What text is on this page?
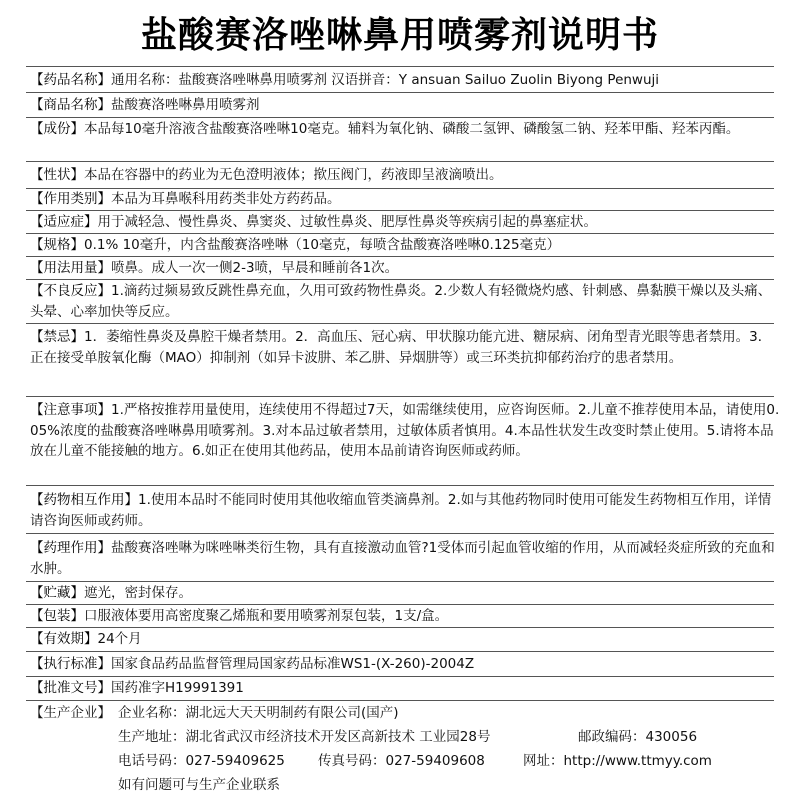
盐酸赛洛唑啉鼻用喷雾剂说明书
【药品名称】通用名称：盐酸赛洛唑啉鼻用喷雾剂 汉语拼音：Y ansuan Sailuo Zuolin Biyong Penwuji
【商品名称】盐酸赛洛唑啉鼻用喷雾剂
【成份】本品每10毫升溶液含盐酸赛洛唑啉10毫克。辅料为氧化钠、磷酸二氢钾、磷酸氢二钠、羟苯甲酯、羟苯丙酯。
【性状】本品在容器中的药业为无色澄明液体；揿压阀门，药液即呈液滴喷出。
【作用类别】本品为耳鼻喉科用药类非处方药药品。
【适应症】用于减轻急、慢性鼻炎、鼻窦炎、过敏性鼻炎、肥厚性鼻炎等疾病引起的鼻塞症状。
【规格】0.1% 10毫升，内含盐酸赛洛唑啉（10毫克，每喷含盐酸赛洛唑啉0.125毫克）
【用法用量】喷鼻。成人一次一侧2-3喷，早晨和睡前各1次。
【不良反应】1.滴药过频易致反跳性鼻充血，久用可致药物性鼻炎。2.少数人有轻微烧灼感、针刺感、鼻黏膜干燥以及头痛、头晕、心率加快等反应。
【禁忌】1．萎缩性鼻炎及鼻腔干燥者禁用。2．高血压、冠心病、甲状腺功能亢进、糖尿病、闭角型青光眼等患者禁用。3．正在接受单胺氧化酶（MAO）抑制剂（如异卡波肼、苯乙肼、异烟肼等）或三环类抗抑郁药治疗的患者禁用。
【注意事项】1.严格按推荐用量使用，连续使用不得超过7天，如需继续使用，应咨询医师。2.儿童不推荐使用本品，请使用0.05%浓度的盐酸赛洛唑啉鼻用喷雾剂。3.对本品过敏者禁用，过敏体质者慎用。4.本品性状发生改变时禁止使用。5.请将本品放在儿童不能接触的地方。6.如正在使用其他药品，使用本品前请咨询医师或药师。
【药物相互作用】1.使用本品时不能同时使用其他收缩血管类滴鼻剂。2.如与其他药物同时使用可能发生药物相互作用，详情请咨询医师或药师。
【药理作用】盐酸赛洛唑啉为咪唑啉类衍生物，具有直接激动血管?1受体而引起血管收缩的作用，从而减轻炎症所致的充血和水肿。
【贮藏】遮光，密封保存。
【包装】口服液体要用高密度聚乙烯瓶和要用喷雾剂泵包装，1支/盒。
【有效期】24个月
【执行标准】国家食品药品监督管理局国家药品标准WS1-(X-260)-2004Z
【批准文号】国药准字H19991391
【生产企业】 企业名称：湖北远大天天明制药有限公司(国产)
生产地址：湖北省武汉市经济技术开发区高新技术 工业园28号	邮政编码：430056
电话号码：027-59409625 传真号码：027-59409608	网址：http://www.ttmyy.com
如有问题可与生产企业联系
